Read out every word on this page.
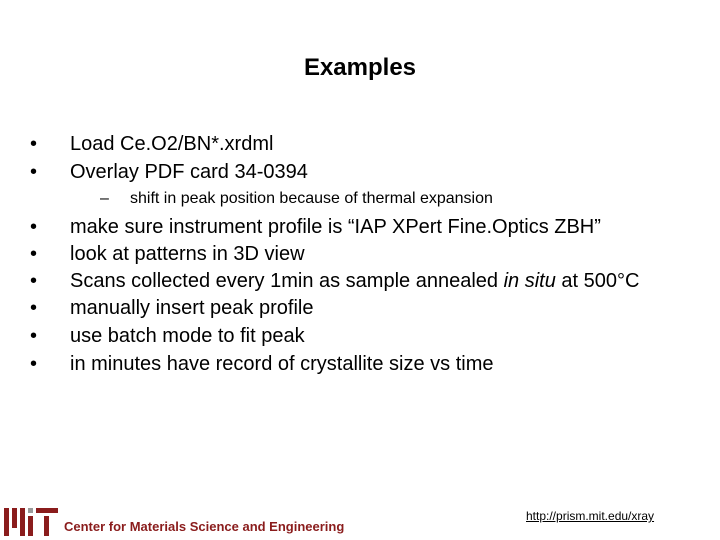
Examples
•	Load Ce.O2/BN*.xrdml
•	Overlay PDF card 34-0394
– shift in peak position because of thermal expansion
•	make sure instrument profile is “IAP XPert Fine.Optics ZBH”
•	look at patterns in 3D view
•	Scans collected every 1min as sample annealed in situ at 500°C
•	manually insert peak profile
•	use batch mode to fit peak
•	in minutes have record of crystallite size vs time
Center for Materials Science and Engineering
http://prism.mit.edu/xray
